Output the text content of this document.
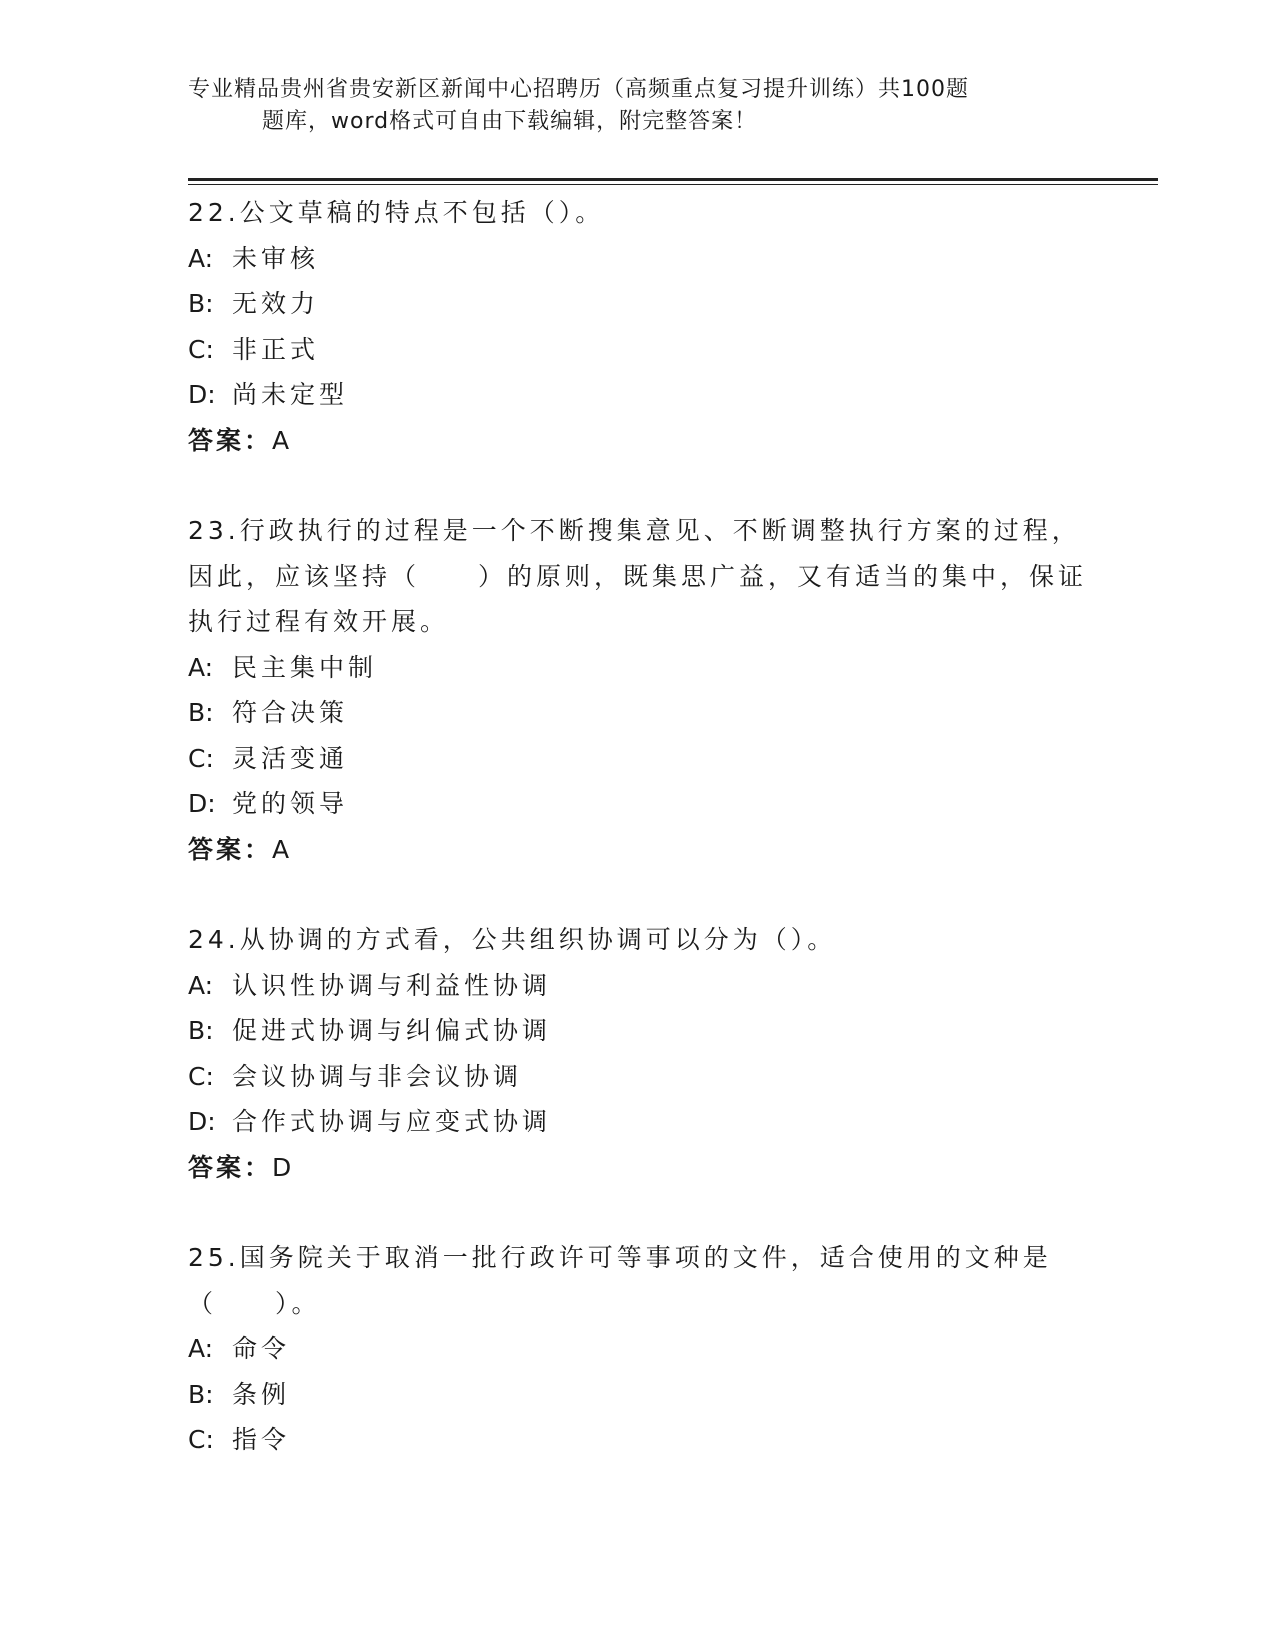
专业精品贵州省贵安新区新闻中心招聘历（高频重点复习提升训练）共100题
题库，word格式可自由下载编辑，附完整答案！
22.公文草稿的特点不包括（）。
A: 未审核
B: 无效力
C: 非正式
D: 尚未定型
答案：A
23.行政执行的过程是一个不断搜集意见、不断调整执行方案的过程，因此，应该坚持（　　）的原则，既集思广益，又有适当的集中，保证执行过程有效开展。
A: 民主集中制
B: 符合决策
C: 灵活变通
D: 党的领导
答案：A
24.从协调的方式看，公共组织协调可以分为（）。
A: 认识性协调与利益性协调
B: 促进式协调与纠偏式协调
C: 会议协调与非会议协调
D: 合作式协调与应变式协调
答案：D
25.国务院关于取消一批行政许可等事项的文件，适合使用的文种是（　　）。
A: 命令
B: 条例
C: 指令
